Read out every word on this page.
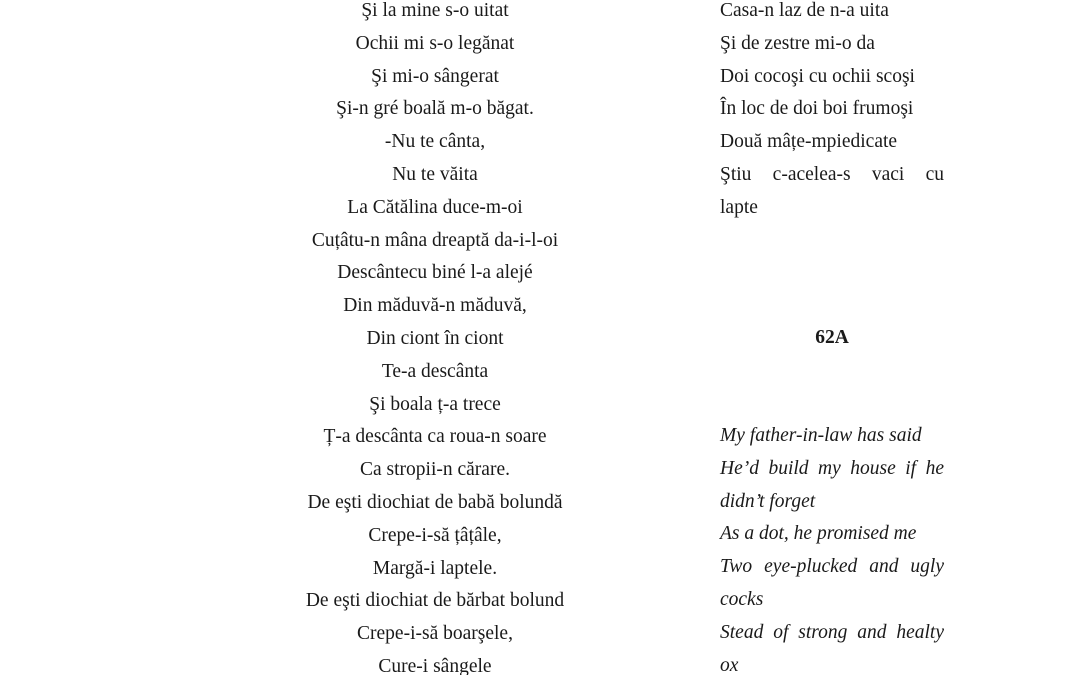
Şi la mine s-o uitat
Ochii mi s-o legănat
Şi mi-o sângerat
Şi-n gré boală m-o băgat.
-Nu te cânta,
Nu te văita
La Cătălina duce-m-oi
Cuțâtu-n mâna dreaptă da-i-l-oi
Descântecu biné l-a alejé
Din măduvă-n măduvă,
Din ciont în ciont
Te-a descânta
Şi boala ț-a trece
Ț-a descânta ca roua-n soare
Ca stropii-n cărare.
De eşti diochiat de babă bolundă
Crepe-i-să țâțâle,
Margă-i laptele.
De eşti diochiat de bărbat bolund
Crepe-i-să boarşele,
Cure-i sângele
Casa-n laz de n-a uita
Şi de zestre mi-o da
Doi cocoşi cu ochii scoşi
În loc de doi boi frumoşi
Două mâțe-mpiedicate
Ştiu c-acelea-s vaci cu
lapte
62A
My father-in-law has said
He’d build my house if he
didn’t forget
As a dot, he promised me
Two eye-plucked and ugly
cocks
Stead of strong and healty
ox
